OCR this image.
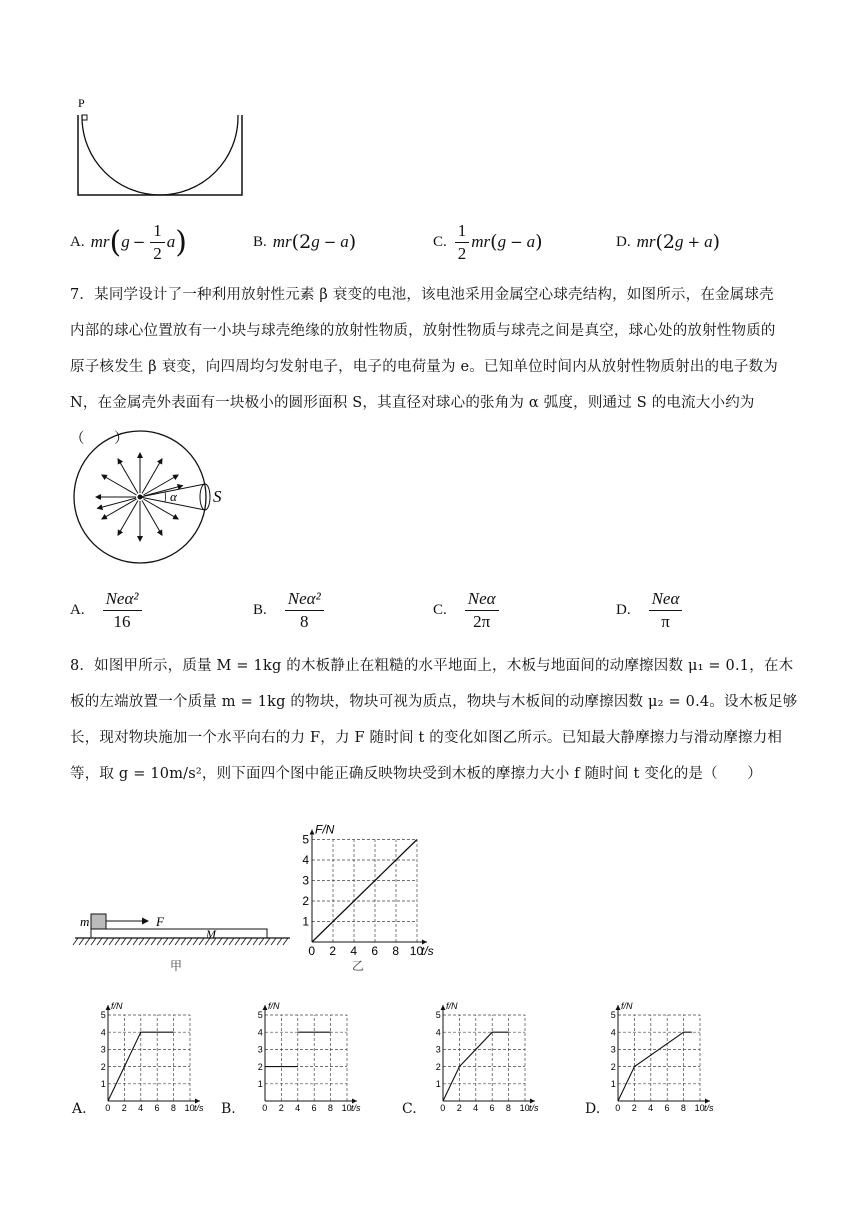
P
A. mr ( $g - \frac{1}{2}$ a )	B. mr (2 g − a )	C. $\frac{1}{2}$ mr ( g − a )	D. mr (2 g + a )
7．某同学设计了一种利用放射性元素 β 衰变的电池，该电池采用金属空心球壳结构，如图所示，在金属球壳
内部的球心位置放有一小块与球壳绝缘的放射性物质，放射性物质与球壳之间是真空，球心处的放射性物质的
原子核发生 β 衰变，向四周均匀发射电子，电子的电荷量为 e。已知单位时间内从放射性物质射出的电子数为
N，在金属壳外表面有一块极小的圆形面积 S，其直径对球心的张角为 α 弧度，则通过 S 的电流大小约为（　　）
α S
A. $\frac{\text{Neα²}}{16}$	B. $\frac{\text{Neα²}}{8}$	C. $\frac{\text{Neα}}{2\pi}$	D. $\frac{\text{Neα}}{\pi}$
8．如图甲所示，质量 M = 1kg 的木板静止在粗糙的水平地面上，木板与地面间的动摩擦因数 μ₁ = 0.1，在木
板的左端放置一个质量 m = 1kg 的物块，物块可视为质点，物块与木板间的动摩擦因数 μ₂ = 0.4。设木板足够
长，现对物块施加一个水平向右的力 F，力 F 随时间 t 的变化如图乙所示。已知最大静摩擦力与滑动摩擦力相
等，取 g = 10m/s²，则下面四个图中能正确反映物块受到木板的摩擦力大小 f 随时间 t 变化的是（　　）
m	F
M
甲
0 2 4 6 8 10
1
2
3
4
5
t/s
F/N
乙
0 2 4 6 8 10
1
2
3
4
5
t/s
f/N
0 2 4 6 8 10
1
2
3
4
5
t/s
f/N
0 2 4 6 8 10
1
2
3
4
5
t/s
f/N
0 2 4 6 8 10
1
2
3
4
5
t/s
f/N
A.	B.	C.	D.
